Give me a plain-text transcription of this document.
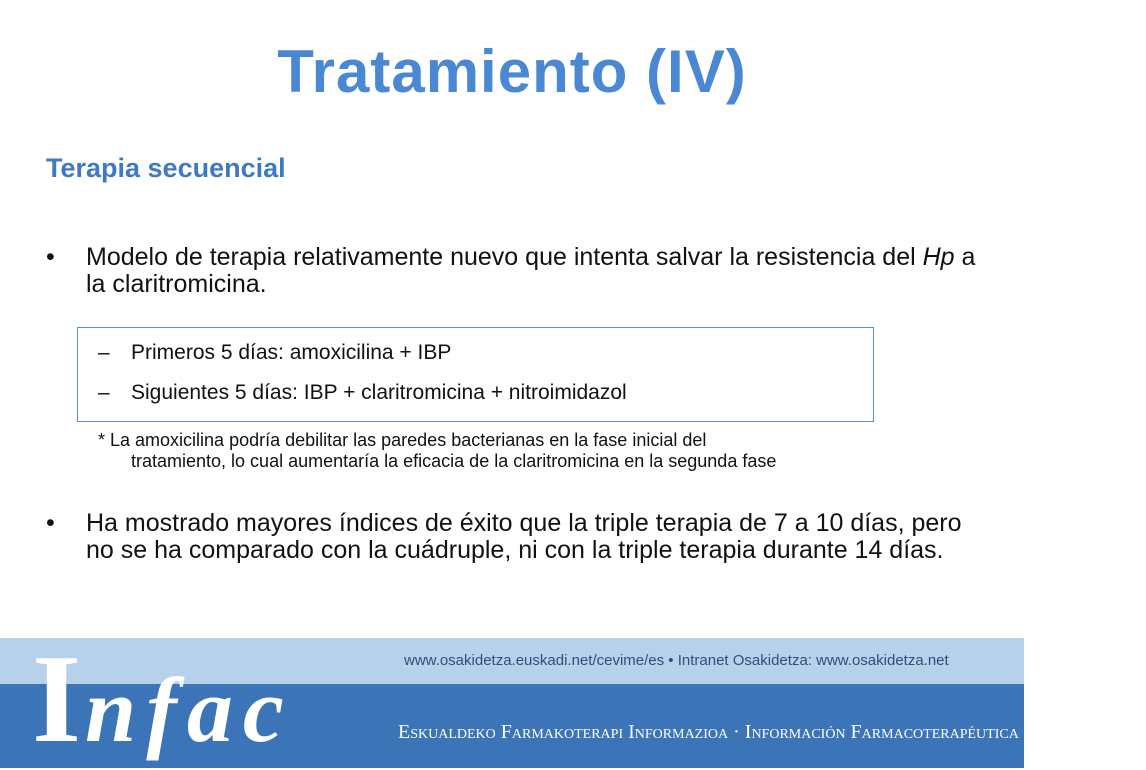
Tratamiento (IV)
Terapia secuencial
• Modelo de terapia relativamente nuevo que intenta salvar la resistencia del Hp a la claritromicina.
– Primeros 5 días: amoxicilina + IBP
– Siguientes 5 días: IBP + claritromicina + nitroimidazol
* La amoxicilina podría debilitar las paredes bacterianas en la fase inicial del
tratamiento, lo cual aumentaría la eficacia de la claritromicina en la segunda fase
• Ha mostrado mayores índices de éxito que la triple terapia de 7 a 10 días, pero no se ha comparado con la cuádruple, ni con la triple terapia durante 14 días.
Infac	www.osakidetza.euskadi.net/cevime/es • Intranet Osakidetza: www.osakidetza.net
Eskualdeko Farmakoterapi Informazioa · Información Farmacoterapéutica de la Comarca
